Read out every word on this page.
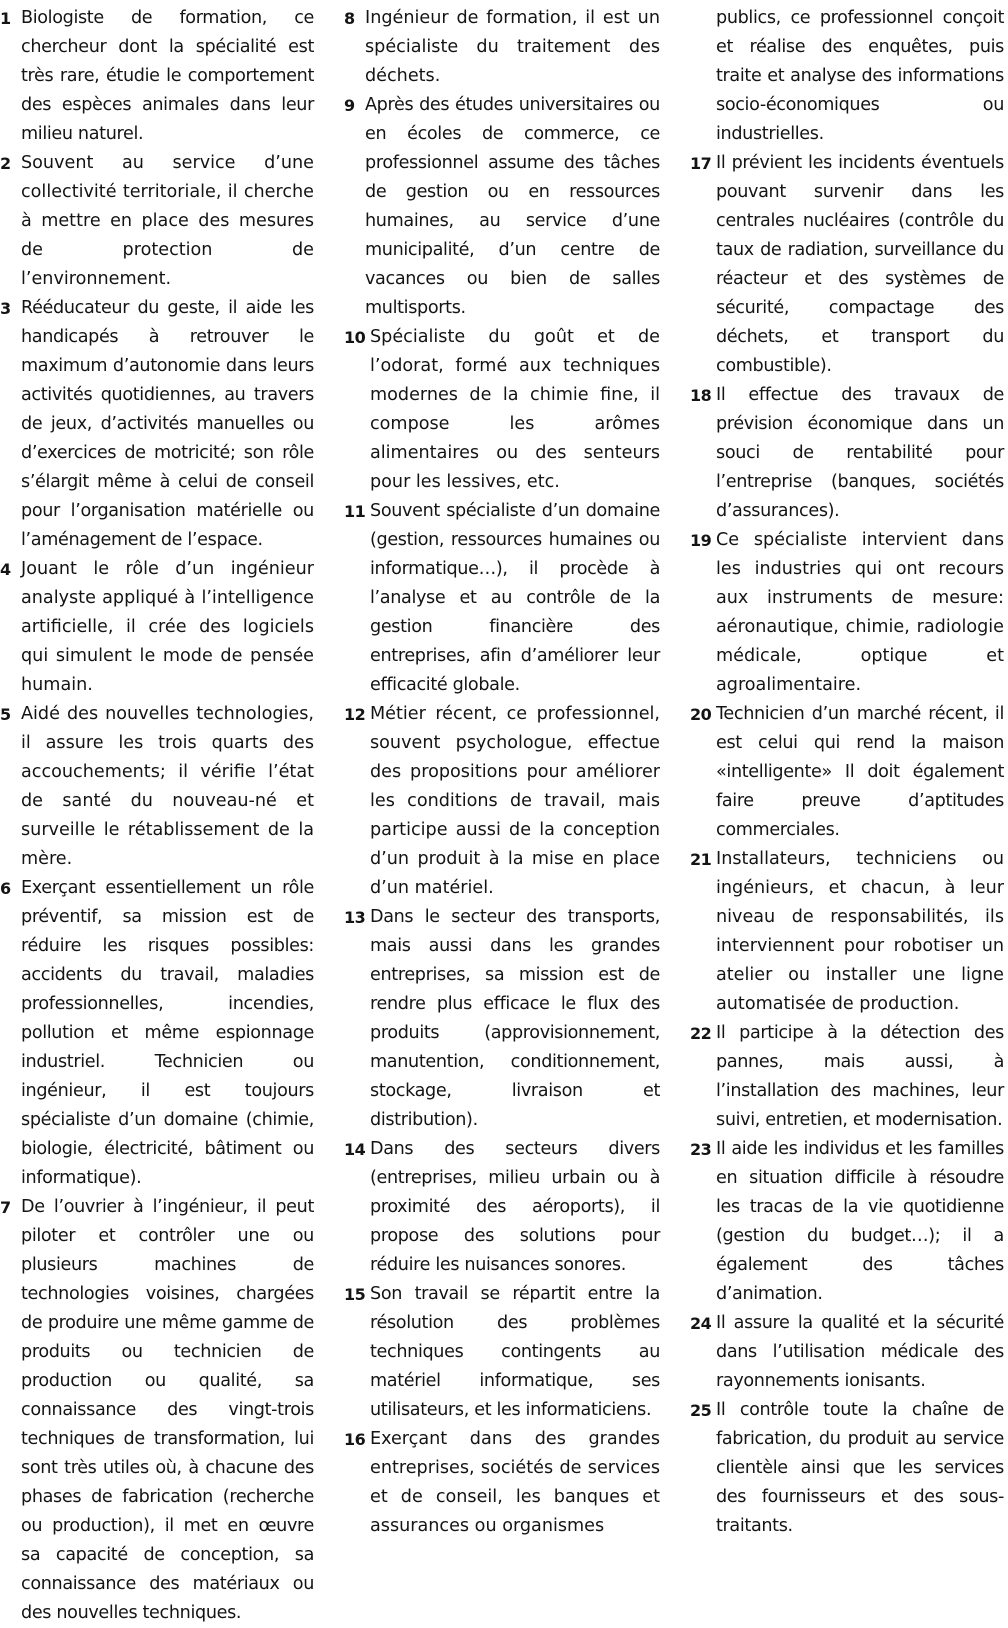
1 Biologiste de formation, ce chercheur dont la spécialité est très rare, étudie le comportement des espèces animales dans leur milieu naturel.

2 Souvent au service d’une collectivité territoriale, il cherche à mettre en place des mesures de protection de l’environnement.

3 Rééducateur du geste, il aide les handicapés à retrouver le maximum d’autonomie dans leurs activités quotidiennes, au travers de jeux, d’activités manuelles ou d’exercices de motricité; son rôle s’élargit même à celui de conseil pour l’organisation matérielle ou l’aménagement de l’espace.

4 Jouant le rôle d’un ingénieur analyste appliqué à l’intelligence artificielle, il crée des logiciels qui simulent le mode de pensée humain.

5 Aidé des nouvelles technologies, il assure les trois quarts des accouchements; il vérifie l’état de santé du nouveau-né et surveille le rétablissement de la mère.

6 Exerçant essentiellement un rôle préventif, sa mission est de réduire les risques possibles: accidents du travail, maladies professionnelles, incendies, pollution et même espionnage industriel. Technicien ou ingénieur, il est toujours spécialiste d’un domaine (chimie, biologie, électricité, bâtiment ou informatique).

7 De l’ouvrier à l’ingénieur, il peut piloter et contrôler une ou plusieurs machines de technologies voisines, chargées de produire une même gamme de produits ou technicien de production ou qualité, sa connaissance des vingt-trois techniques de transformation, lui sont très utiles où, à chacune des phases de fabrication (recherche ou production), il met en œuvre sa capacité de conception, sa connaissance des matériaux ou des nouvelles techniques.

8 Ingénieur de formation, il est un spécialiste du traitement des déchets.

9 Après des études universitaires ou en écoles de commerce, ce professionnel assume des tâches de gestion ou en ressources humaines, au service d’une municipalité, d’un centre de vacances ou bien de salles multisports.

10 Spécialiste du goût et de l’odorat, formé aux techniques modernes de la chimie fine, il compose les arômes alimentaires ou des senteurs pour les lessives, etc.

11 Souvent spécialiste d’un domaine (gestion, ressources humaines ou informatique…), il procède à l’analyse et au contrôle de la gestion financière des entreprises, afin d’améliorer leur efficacité globale.

12 Métier récent, ce professionnel, souvent psychologue, effectue des propositions pour améliorer les conditions de travail, mais participe aussi de la conception d’un produit à la mise en place d’un matériel.

13 Dans le secteur des transports, mais aussi dans les grandes entreprises, sa mission est de rendre plus efficace le flux des produits (approvisionnement, manutention, conditionnement, stockage, livraison et distribution).

14 Dans des secteurs divers (entreprises, milieu urbain ou à proximité des aéroports), il propose des solutions pour réduire les nuisances sonores.

15 Son travail se répartit entre la résolution des problèmes techniques contingents au matériel informatique, ses utilisateurs, et les informaticiens.

16 Exerçant dans des grandes entreprises, sociétés de services et de conseil, les banques et assurances ou organismes

publics, ce professionnel conçoit et réalise des enquêtes, puis traite et analyse des informations socio-économiques ou industrielles.

17 Il prévient les incidents éventuels pouvant survenir dans les centrales nucléaires (contrôle du taux de radiation, surveillance du réacteur et des systèmes de sécurité, compactage des déchets, et transport du combustible).

18 Il effectue des travaux de prévision économique dans un souci de rentabilité pour l’entreprise (banques, sociétés d’assurances).

19 Ce spécialiste intervient dans les industries qui ont recours aux instruments de mesure: aéronautique, chimie, radiologie médicale, optique et agroalimentaire.

20 Technicien d’un marché récent, il est celui qui rend la maison «intelligente» Il doit également faire preuve d’aptitudes commerciales.

21 Installateurs, techniciens ou ingénieurs, et chacun, à leur niveau de responsabilités, ils interviennent pour robotiser un atelier ou installer une ligne automatisée de production.

22 Il participe à la détection des pannes, mais aussi, à l’installation des machines, leur suivi, entretien, et modernisation.

23 Il aide les individus et les familles en situation difficile à résoudre les tracas de la vie quotidienne (gestion du budget…); il a également des tâches d’animation.

24 Il assure la qualité et la sécurité dans l’utilisation médicale des rayonnements ionisants.

25 Il contrôle toute la chaîne de fabrication, du produit au service clientèle ainsi que les services des fournisseurs et des sous-traitants.
